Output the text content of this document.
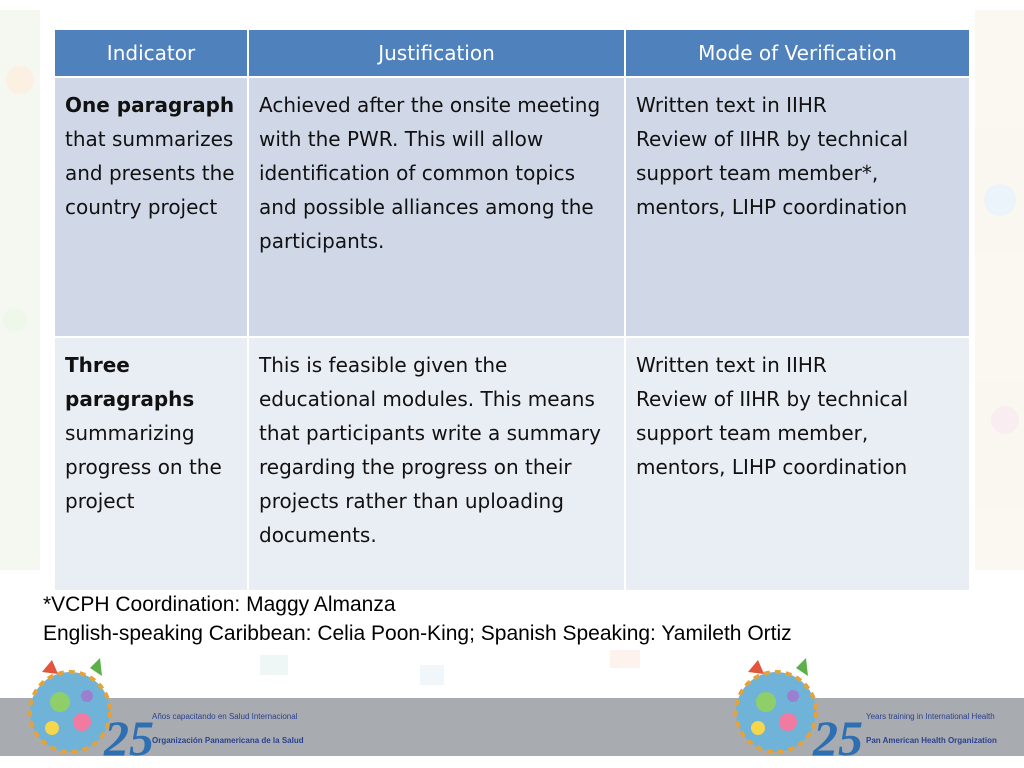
Indicator	Justification	Mode of Verification
One paragraph that summarizes and presents the country project	Achieved after the onsite meeting with the PWR. This will allow identification of common topics and possible alliances among the participants.	Written text in IIHR
Review of IIHR by technical support team member*, mentors, LIHP coordination

Three paragraphs summarizing progress on the project	This is feasible given the educational modules. This means that participants write a summary regarding the progress on their projects rather than uploading documents.	Written text in IIHR
Review of IIHR by technical support team member, mentors, LIHP coordination
*VCPH Coordination: Maggy Almanza
English-speaking Caribbean: Celia Poon-King; Spanish Speaking: Yamileth Ortiz
25
Años capacitando en Salud Internacional
Organización Panamericana de la Salud	25 Years training in International Health
Pan American Health Organization
